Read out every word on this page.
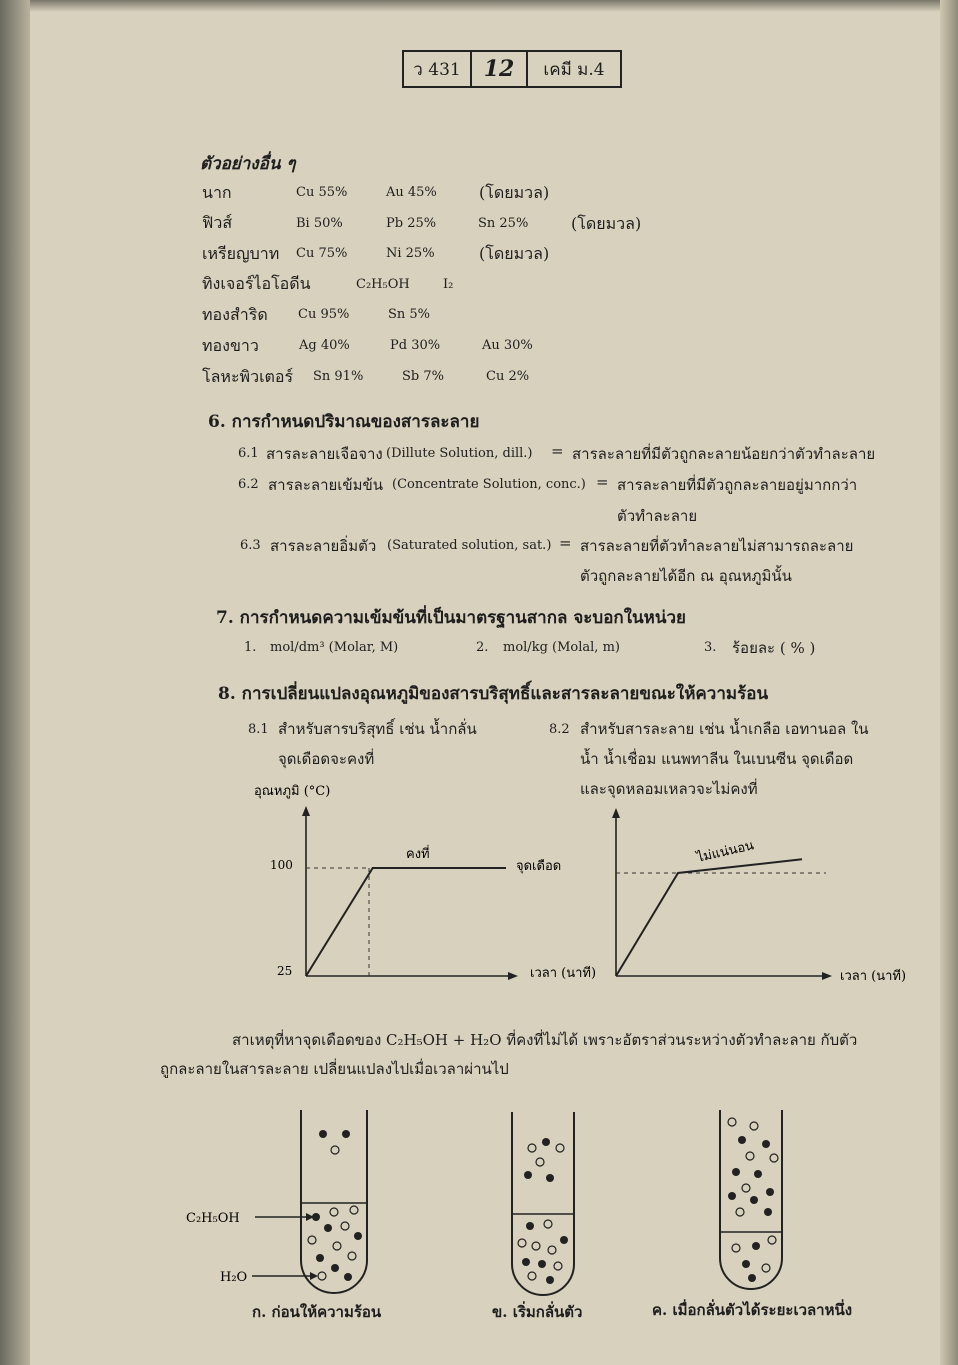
ว 431	12	เคมี ม.4
ตัวอย่างอื่น ๆ
นาก	Cu 55%	Au 45%	(โดยมวล)
ฟิวส์	Bi 50%	Pb 25%	Sn 25%	(โดยมวล)
เหรียญบาท Cu 75%	Ni 25%	(โดยมวล)
ทิงเจอร์ไอโอดีน	C₂H₅OH	I₂
ทองสำริด Cu 95%	Sn 5%
ทองขาว	Ag 40%	Pd 30%	Au 30%
โลหะพิวเตอร์ Sn 91%	Sb 7%	Cu 2%
6. การกำหนดปริมาณของสารละลาย
6.1 สารละลายเจือจาง (Dillute Solution, dill.) = สารละลายที่มีตัวถูกละลายน้อยกว่าตัวทำละลาย
6.2 สารละลายเข้มข้น (Concentrate Solution, conc.) = สารละลายที่มีตัวถูกละลายอยู่มากกว่า
ตัวทำละลาย
6.3 สารละลายอิ่มตัว (Saturated solution, sat.) = สารละลายที่ตัวทำละลายไม่สามารถละลาย
ตัวถูกละลายได้อีก ณ อุณหภูมินั้น
7. การกำหนดความเข้มข้นที่เป็นมาตรฐานสากล จะบอกในหน่วย
1. mol/dm³ (Molar, M)	2. mol/kg (Molal, m)	3. ร้อยละ ( % )
8. การเปลี่ยนแปลงอุณหภูมิของสารบริสุทธิ์และสารละลายขณะให้ความร้อน
8.1 สำหรับสารบริสุทธิ์ เช่น น้ำกลั่น
จุดเดือดจะคงที่
8.2 สำหรับสารละลาย เช่น น้ำเกลือ เอทานอล ใน
น้ำ น้ำเชื่อม แนพทาลีน ในเบนซีน จุดเดือด
และจุดหลอมเหลวจะไม่คงที่
อุณหภูมิ (°C)
100
25
คงที่
จุดเดือด
เวลา (นาที)
ไม่แน่นอน
เวลา (นาที)
สาเหตุที่หาจุดเดือดของ C₂H₅OH + H₂O ที่คงที่ไม่ได้ เพราะอัตราส่วนระหว่างตัวทำละลาย กับตัว
ถูกละลายในสารละลาย เปลี่ยนแปลงไปเมื่อเวลาผ่านไป
C₂H₅OH
H₂O
ก. ก่อนให้ความร้อน	ข. เริ่มกลั่นตัว	ค. เมื่อกลั่นตัวได้ระยะเวลาหนึ่ง
